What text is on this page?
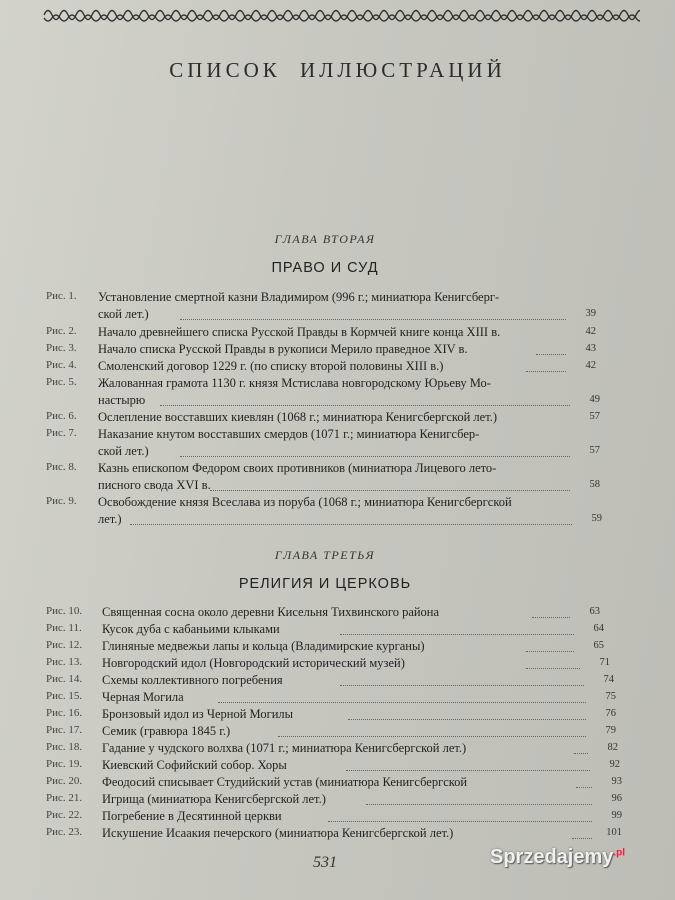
СПИСОК ИЛЛЮСТРАЦИЙ
ГЛАВА ВТОРАЯ
ПРАВО И СУД
ГЛАВА ТРЕТЬЯ
РЕЛИГИЯ И ЦЕРКОВЬ
Рис. 1. Установление смертной казни Владимиром (996 г.; миниатюра Кенигсберг-
ской лет.)	39
Рис. 2. Начало древнейшего списка Русской Правды в Кормчей книге конца XIII в.	42
Рис. 3. Начало списка Русской Правды в рукописи Мерило праведное XIV в.	43
Рис. 4. Смоленский договор 1229 г. (по списку второй половины XIII в.)	42
Рис. 5. Жалованная грамота 1130 г. князя Мстислава новгородскому Юрьеву Мо-
настырю	49
Рис. 6. Ослепление восставших киевлян (1068 г.; миниатюра Кенигсбергской лет.)	57
Рис. 7. Наказание кнутом восставших смердов (1071 г.; миниатюра Кенигсбер-
ской лет.)	57
Рис. 8. Казнь епископом Федором своих противников (миниатюра Лицевого лето-
писного свода XVI в.	58
Рис. 9. Освобождение князя Всеслава из поруба (1068 г.; миниатюра Кенигсбергской
лет.)	59
Рис. 10. Священная сосна около деревни Кисельня Тихвинского района	63
Рис. 11. Кусок дуба с кабаньими клыками	64
Рис. 12. Глиняные медвежьи лапы и кольца (Владимирские курганы)	65
Рис. 13. Новгородский идол (Новгородский исторический музей)	71
Рис. 14. Схемы коллективного погребения	74
Рис. 15. Черная Могила	75
Рис. 16. Бронзовый идол из Черной Могилы	76
Рис. 17. Семик (гравюра 1845 г.)	79
Рис. 18. Гадание у чудского волхва (1071 г.; миниатюра Кенигсбергской лет.)	82
Рис. 19. Киевский Софийский собор. Хоры	92
Рис. 20. Феодосий списывает Студийский устав (миниатюра Кенигсбергской	93
Рис. 21. Игрища (миниатюра Кенигсбергской лет.)	96
Рис. 22. Погребение в Десятинной церкви	99
Рис. 23. Искушение Исаакия печерского (миниатюра Кенигсбергской лет.)	101
531	Sprzedajemy$^{.pl}$
